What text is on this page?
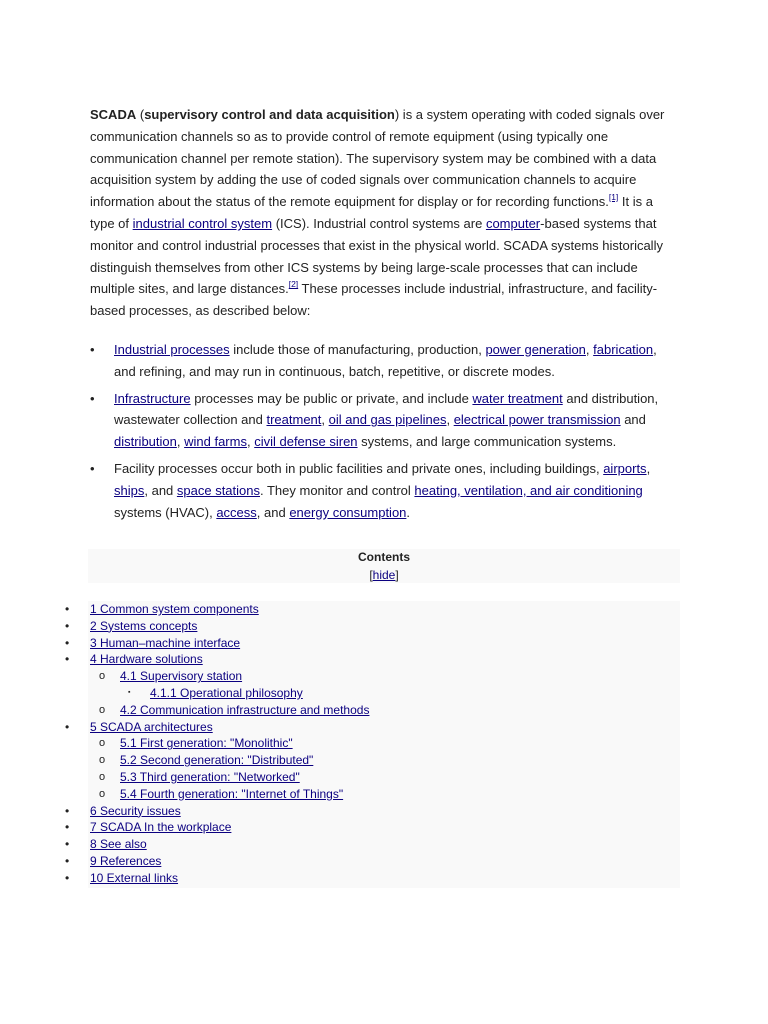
SCADA (supervisory control and data acquisition) is a system operating with coded signals over communication channels so as to provide control of remote equipment (using typically one communication channel per remote station). The supervisory system may be combined with a data acquisition system by adding the use of coded signals over communication channels to acquire information about the status of the remote equipment for display or for recording functions.[1] It is a type of industrial control system (ICS). Industrial control systems are computer-based systems that monitor and control industrial processes that exist in the physical world. SCADA systems historically distinguish themselves from other ICS systems by being large-scale processes that can include multiple sites, and large distances.[2] These processes include industrial, infrastructure, and facility-based processes, as described below:

• Industrial processes include those of manufacturing, production, power generation, fabrication, and refining, and may run in continuous, batch, repetitive, or discrete modes.
• Infrastructure processes may be public or private, and include water treatment and distribution, wastewater collection and treatment, oil and gas pipelines, electrical power transmission and distribution, wind farms, civil defense siren systems, and large communication systems.
• Facility processes occur both in public facilities and private ones, including buildings, airports, ships, and space stations. They monitor and control heating, ventilation, and air conditioning systems (HVAC), access, and energy consumption.
Contents
[hide]
• 1 Common system components
• 2 Systems concepts
• 3 Human–machine interface
• 4 Hardware solutions
o 4.1 Supervisory station
▪ 4.1.1 Operational philosophy
o 4.2 Communication infrastructure and methods
• 5 SCADA architectures
o 5.1 First generation: "Monolithic"
o 5.2 Second generation: "Distributed"
o 5.3 Third generation: "Networked"
o 5.4 Fourth generation: "Internet of Things"
• 6 Security issues
• 7 SCADA In the workplace
• 8 See also
• 9 References
• 10 External links
